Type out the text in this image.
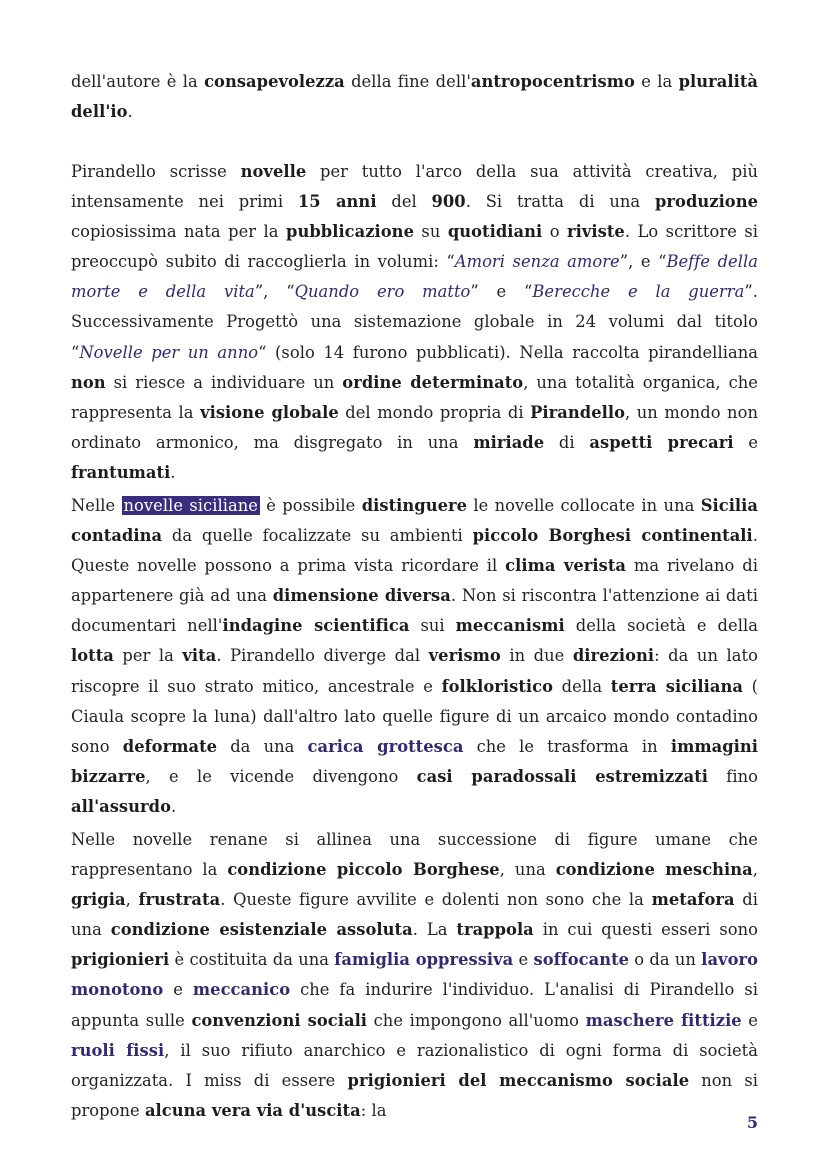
dell'autore è la consapevolezza della fine dell'antropocentrismo e la pluralità dell'io.

Pirandello scrisse novelle per tutto l'arco della sua attività creativa, più intensamente nei primi 15 anni del 900. Si tratta di una produzione copiosissima nata per la pubblicazione su quotidiani o riviste. Lo scrittore si preoccupò subito di raccoglierla in volumi: “Amori senza amore”, e “Beffe della morte e della vita”, “Quando ero matto” e “Berecche e la guerra”. Successivamente Progettò una sistemazione globale in 24 volumi dal titolo “Novelle per un anno“ (solo 14 furono pubblicati). Nella raccolta pirandelliana non si riesce a individuare un ordine determinato, una totalità organica, che rappresenta la visione globale del mondo propria di Pirandello, un mondo non ordinato armonico, ma disgregato in una miriade di aspetti precari e frantumati.

Nelle novelle siciliane è possibile distinguere le novelle collocate in una Sicilia contadina da quelle focalizzate su ambienti piccolo Borghesi continentali. Queste novelle possono a prima vista ricordare il clima verista ma rivelano di appartenere già ad una dimensione diversa. Non si riscontra l'attenzione ai dati documentari nell'indagine scientifica sui meccanismi della società e della lotta per la vita. Pirandello diverge dal verismo in due direzioni: da un lato riscopre il suo strato mitico, ancestrale e folkloristico della terra siciliana ( Ciaula scopre la luna) dall'altro lato quelle figure di un arcaico mondo contadino sono deformate da una carica grottesca che le trasforma in immagini bizzarre, e le vicende divengono casi paradossali estremizzati fino all'assurdo.

Nelle novelle renane si allinea una successione di figure umane che rappresentano la condizione piccolo Borghese, una condizione meschina, grigia, frustrata. Queste figure avvilite e dolenti non sono che la metafora di una condizione esistenziale assoluta. La trappola in cui questi esseri sono prigionieri è costituita da una famiglia oppressiva e soffocante o da un lavoro monotono e meccanico che fa indurire l'individuo. L'analisi di Pirandello si appunta sulle convenzioni sociali che impongono all'uomo maschere fittizie e ruoli fissi, il suo rifiuto anarchico e razionalistico di ogni forma di società organizzata. I miss di essere prigionieri del meccanismo sociale non si propone alcuna vera via d'uscita: la

5
